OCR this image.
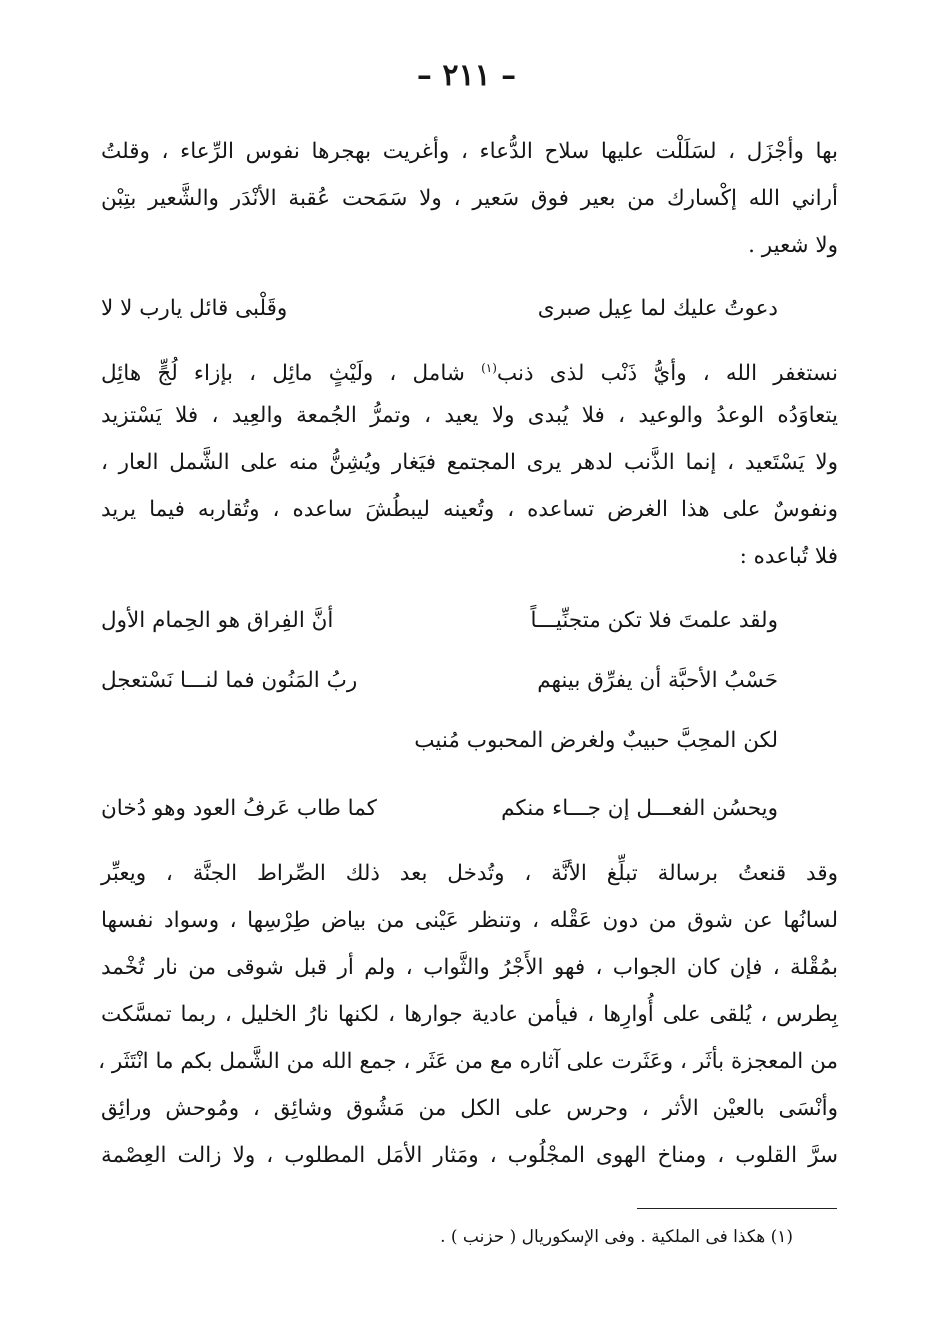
– ٢١١ –
بها وأجْزَل ، لسَلَلْت عليها سلاح الدُّعاء ، وأغريت بهجرها نفوس الرِّعاء ، وقلتُ
أراني الله إكْسارك من بعير فوق سَعير ، ولا سَمَحت عُقبة الأنْدَر والشَّعير بتِبْن
ولا شعير .
دعوتُ عليك لما عِيل صبرى
وقَلْبى قائل يارب لا لا
نستغفر الله ، وأيُّ ذَنْب لذى ذنب$^{(١)}$ شامل ، ولَيْثٍ مائِل ، بإزاء لُجٍّ هائِل
يتعاوَدُه الوعدُ والوعيد ، فلا يُبدى ولا يعيد ، وتمرُّ الجُمعة والعِيد ، فلا يَسْتزيد
ولا يَسْتَعيد ، إنما الذَّنب لدهر يرى المجتمع فيَغار ويُشِنُّ منه على الشَّمل العار ،
ونفوسٌ على هذا الغرض تساعده ، وتُعينه ليبطُشَ ساعده ، وتُقاربه فيما يريد
فلا تُباعده :
ولقد علمتَ فلا تكن متجنِّيـــاً
أنَّ الفِراق هو الحِمام الأول
حَسْبُ الأحبَّة أن يفرِّق بينهم
ربُ المَنُون فما لنـــا نَسْتعجل
لكن المحِبَّ حبيبٌ ولغرض المحبوب مُنيب
ويحسُن الفعـــل إن جـــاء منكم
كما طاب عَرفُ العود وهو دُخان
وقد قنعتُ برسالة تبلِّغ الأنَّة ، وتُدخل بعد ذلك الصِّراط الجنَّة ، ويعبِّر
لسانُها عن شوق من دون عَقْله ، وتنظر عَيْنى من بياض طِرْسِها ، وسواد نفسها
بمُقْلة ، فإن كان الجواب ، فهو الأَجْرُ والثَّواب ، ولم أر قبل شوقى من نار تُخْمد
بِطرس ، يُلقى على أُوارِها ، فيأمن عادية جوارها ، لكنها نارُ الخليل ، ربما تمسَّكت
من المعجزة بأثَر ، وعَثَرت على آثاره مع من عَثَر ، جمع الله من الشَّمل بكم ما انْتَثَر ،
وأنْسَى بالعيْن الأثر ، وحرس على الكل من مَشُوق وشائِق ، ومُوحش ورائِق
سرَّ القلوب ، ومناخ الهوى المجْلُوب ، ومَثار الأمَل المطلوب ، ولا زالت العِصْمة
(١) هكذا فى الملكية . وفى الإسكوريال ( حزنب ) .
